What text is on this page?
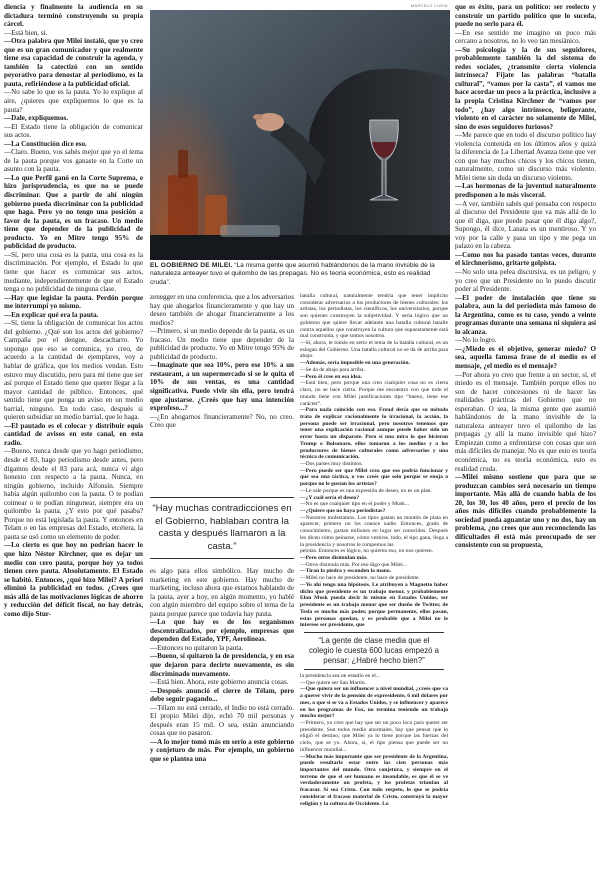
diencia y finalmente la audiencia en su dictadura terminó construyendo su propia cárcel.

—Está bien, sí.

—Otra palabra que Milei instaló, que yo creo que es un gran comunicador y que realmente tiene esa capacidad de construir la agenda, y también la catectizó con un sentido peyorativo para denostar al periodismo, es la pauta, refiriéndose a la publicidad oficial.

—No sabe lo que es la pauta. Yo lo explique al aire, ¿quieres que expliquemos lo que es la pauta?

—Dale, expliquemos.

—El Estado tiene la obligación de comunicar sus actos.

—La Constitución dice eso.

—Claro. Bueno, vos sabés mejor que yo el tema de la pauta porque vos ganaste en la Corte un asunto con la pauta.

—Lo que Perfil ganó en la Corte Suprema, e hizo jurisprudencia, es que no se puede discriminar. Que a partir de ahí ningún gobierno pueda discriminar con la publicidad que haga. Pero yo no tengo una posición a favor de la pauta, es un fracaso. Un medio tiene que depender de la publicidad de producto. Yo en Mitre tengo 95% de publicidad de producto.

—Sí, pero una cosa es la pauta, una cosa es la discriminación. Por ejemplo, el Estado lo que tiene que hacer es comunicar sus actos, mediante, independientemente de que el Estado tenga o no publicidad de ninguna clase.

—Hay que legislar la pauta. Perdón porque me interrumpí yo mismo.

—En explicar qué era la pauta.

—Sí, tiene la obligación de comunicar los actos del gobierno. ¿Qué son los actos del gobierno? Campaña por el dengue, descacharro. Yo supongo que eso se comunica, yo creo, de acuerdo a la cantidad de ejemplares, voy a hablar de gráfica, que los medios vendan. Esto estuvo muy discutido, pero para mí tiene que ser así porque el Estado tiene que querer llegar a la mayor cantidad de público. Entonces, qué sentido tiene que ponga un aviso en un medio barrial, ninguno. En todo caso, después si quieren subsidiar un medio barrial, que lo haga.

—El pautado es el colocar y distribuir equis cantidad de avisos en este canal, en esta radio.

—Bueno, nunca desde que yo hago periodismo, desde el 83, hago periodismo desde antes, pero digamos desde el 83 para acá, nunca vi algo honesto con respecto a la pauta. Nunca, en ningún gobierno, incluido Alfonsín. Siempre había algún quilombo con la pauta. O te podían coimear o te podían ningunear, siempre era un quilombo la pauta. ¿Y esto por qué pasaba? Porque no está legislada la pauta. Y entonces en Telam o en las empresas del Estado, etcétera, la pauta se usó como un elemento de poder.

—Lo cierto es que hoy no podrían hacer lo que hizo Néstor Kirchner, que es dejar un medio con cero pauta, porque hoy ya todos tienen cero pauta. Absolutamente. El Estado se habitó. Entonces, ¿qué hizo Milei? A priori eliminó la publicidad en todos. ¿Crees que más allá de las motivaciones lógicas de ahorro y reducción del déficit fiscal, no hay detrás, como dijo Stur-

MARCELO CURIA
EL GOBIERNO DE MILEI. “La misma gente que asumió hablándonos de la mano invisible de la naturaleza anteayer tuvo el quilombo de las prepagas. No es teoría económica, esto es realidad cruda”.

zenegger en una conferencia, que a los adversarios hay que ahogarlos financieramente y que hay un deseo también de ahogar financieramente a los medios?

—Primero, si un medio depende de la pauta, es un fracaso. Un medio tiene que depender de la publicidad de producto. Yo en Mitre tengo 95% de publicidad de producto.

—Imaginate que sea 10%, pero ese 10% a un restaurant, a un supermercado si se le quita el 10% de sus ventas, es una cantidad significativa. Puede vivir sin ella, pero tendrá que ajustarse. ¿Creés que hay una intención exprofeso...?

—¿En ahogarnos financieramente? No, no creo. Creo que

“Hay muchas contradicciones en el Gobierno, hablaban contra la casta y después llamaron a la casta.”

es algo para ellos simbólico. Hay mucho de marketing en este gobierno. Hay mucho de marketing, incluso ahora que estamos hablando de la pauta, ayer a hoy, en algún momento, yo hablé con algún miembro del equipo sobre el tema de la pauta porque parece que todavía hay pauta.

—Lo que hay es de los organismos descentralizados, por ejemplo, empresas que dependen del Estado, YPF, Aerolíneas.

—Entonces no quitaron la pauta.

—Bueno, sí quitaron la de presidencia, y en esa que dejaron para decirte nuevamente, es sin discriminado nuevamente.

—Está bien. Ahora, este gobierno anuncia cosas.

—Después anunció el cierre de Télam, pero debe seguir pagando...

—Télam no está cerrado, el Indio no está cerrado. El propio Milei dijo, echó 70 mil personas y después eran 15 mil. O sea, están anunciando cosas que no pasaron.

—A lo mejor tomó más en serio a este gobierno y conjeturo de más. Por ejemplo, un gobierno que se plantea una

que es éxito, para un político: ser reelecto y construir un partido político que lo suceda, puede no serlo para él.

—En ese sentido me imagino un poco más cercano a nosotros, no lo veo tan mesiánico.

—Su psicología y la de sus seguidores, probablemente también la del sistema de redes sociales, ¿transmite cierta violencia intrínseca? Fíjate las palabras “batalla cultural”, “vamos por la casta”, el vamos me hace acordar un poco a la práctica, inclusive a la propia Cristina Kirchner de “vamos por todo”, ¿hay algo intrínseco, beligerante, violento en el carácter no solamente de Milei, sino de esos seguidores furiosos?

—Me parece que en todo el discurso político hay violencia contenida en los últimos años y quizá la diferencia de La Libertad Avanza tiene que ver con que hay muchos chicos y los chicos tienen, naturalmente, como un discurso más violento. Milei tiene sin duda un discurso violento.

—Las hormonas de la juventud naturalmente predisponen a lo más visceral.

—A ver, también sabés qué pensaba con respecto al discurso del Presidente que va más allá de lo que él diga, que puede pasar que él diga algo?, Supongo, él dice, Lanata es un mentiroso. Y yo voy por la calle y pasa un tipo y me pega un palazo en la cabeza.

—Como nos ha pasado tantas veces, durante el kirchnerismo, gritarte golpista.

—No solo una pelea discursiva, es un peligro, y yo creo que un Presidente no lo puedo discutir poder al Presidente.

—El poder de instalación que tiene su palabra, aun la del periodista más famoso de la Argentina, como es tu caso, yendo a veinte programas durante una semana ni siquiera así lo alcanza.

—No lo logro.

—¿Miedo es el objetivo, generar miedo? O sea, aquella famosa frase de el medio es el mensaje, ¿el medio es el mensaje?

—Por ahora yo creo que frente a un sector, sí, el miedo es el mensaje. También porque ellos no son de hacer concesiones ni de hacer las realidades prácticas del Gobierno que no esperaban. O sea, la misma gente que asumió hablándonos de la mano invisible de la naturaleza anteayer tuvo el quilombo de las prepagas ¿y allí la mano invisible qué hizo? Empiezan como a enfrentarse con cosas que son más difíciles de manejar. No es que esto es teoría económica, no es teoría económica, esto es realidad cruda.

—Milei mismo sostiene que para que se produzcan cambios será necesario un tiempo importante. Más allá de cuando habla de los 20, los 30, los 40 años, pero el precio de los años más difíciles cuando probablemente la sociedad pueda aguantar uno y no dos, hay un problema, ¿no crees que aun reconociendo las dificultades él está más preocupado de ser consistente con su propuesta,

batalla cultural, naturalmente tendría que tener implícito considerar adversarios a los productores de bienes culturales: los artistas, los periodistas, los científicos, los universitarios, porque son quienes construyen la subjetividad. Y sería lógico que un gobierno que quiere llevar adelante una batalla cultural batalle contra aquellos que construyen la cultura que supuestamente está mal construida, y que somos nosotros.

—Sí, ahora, te tomás en serio el tema de la batalla cultural, es un eslogan del Gobierno. Una batalla cultural no se da de arriba para abajo.

—Además, sería imposible en una generación.

—Se da de abajo para arriba.

—Pero él cree en esa idea.

—Está bien, pero porque una creo cualquier cosa no es cierta claro, no se hace cierta. Porque me encuentro con que todo el mundo tiene con Milei justificaciones tipo “bueno, tiene ese carácter”.

—Para nada coincido con eso. Freud decía que su método trata de explicar racionalmente lo irracional, la acción, la persona puede ser irracional, pero nosotros tenemos que tener una explicación racional aunque puede haber sido un error hasta un disparate. Pero sí uno mira lo que hicieron Trump o Bolsonaro, ellos tomaron a los medios y a los productores de bienes culturales como adversarios y una técnica de comunicación.

—Dos países muy distintos.

—Pero puede ser que Milei crea que eso podría funcionar y que sea una táctica, o vos creés que solo porque se enoja o porque no le gustan los artistas?

—Le sale porque es una expresión de deseo, no es un plan.

—¿Y cuál sería el deseo?

—No es que cualquier tipo en el poder y Musk...

—¿Quiere que no haya periodistas?

—Nosotros molestamos. Los tipos gastan un montón de plata en aparecer, primero no los conoce nadie. Entonces, grado de conocimiento, gastan millones en lugar ser conocidos. Después les dicen cómo peinarse, cómo vestirse, todo, el tipo gana, llega a la presidencia y nosotros le rompemos las

pelotas. Entonces es lógico, no quieren eso, no nos quieren.

—Pero otros disimulan más.

—Otros disimula más. Por eso digo que Milei...

—Tiran la piedra y esconden la mano.

—Milei no hace de presidente, no hace de presidente.

—Yo ahí tengo una hipótesis. Le atribuyen a Magnetto haber dicho que presidente es un trabajo menor, y probablemente Elon Musk pueda decir lo mismo en Estados Unidos, ser presidente es un trabajo menor que ser dueño de Twitter, de Tesla es mucho más poder, porque permanente, ellos pasan, estas personas quedan, y es probable que a Milei no le interese ser presidente, que

“La gente de clase media que el colegio le cuesta 600 lucas empezó a pensar: ¿Habré hecho bien?”

la presidencia sea un estadío en el...

—Que quiere ser San Martín.

—Que quiera ser un influencer a nivel mundial, ¿creés que va a querer vivir de la pensión de expresidente, 6 mil dólares por mes, o que si se va a Estados Unidos, y se influencer y aparece en los programas de Fox, no termina teniendo un trabajo mucho mejor?

—Primero, yo creo que hay que ser un poco loco para querer ser presidente. Son todos medio anormales, hay que pensar que lo eligió el destino, que Milei ya lo tiene porque las fuerzas del cielo, que se yo. Ahora, sí, el tipo piensa que puede ser un influencer mundial...

—Mucho más importante que ser presidente de la Argentina, puede resultarle estar entre las cien personas más importantes del mundo. Otra conjetura, y siempre en el terreno de que el ser humano es insondable, es que él se ve verdaderamente un profeta, y los profetas triunfan al fracasar. Sí sea Cristo. Con todo respeto, lo que se podría considerar el fracaso material de Cristo, construyó la mayor religión y la cultura de Occidente. Lo
